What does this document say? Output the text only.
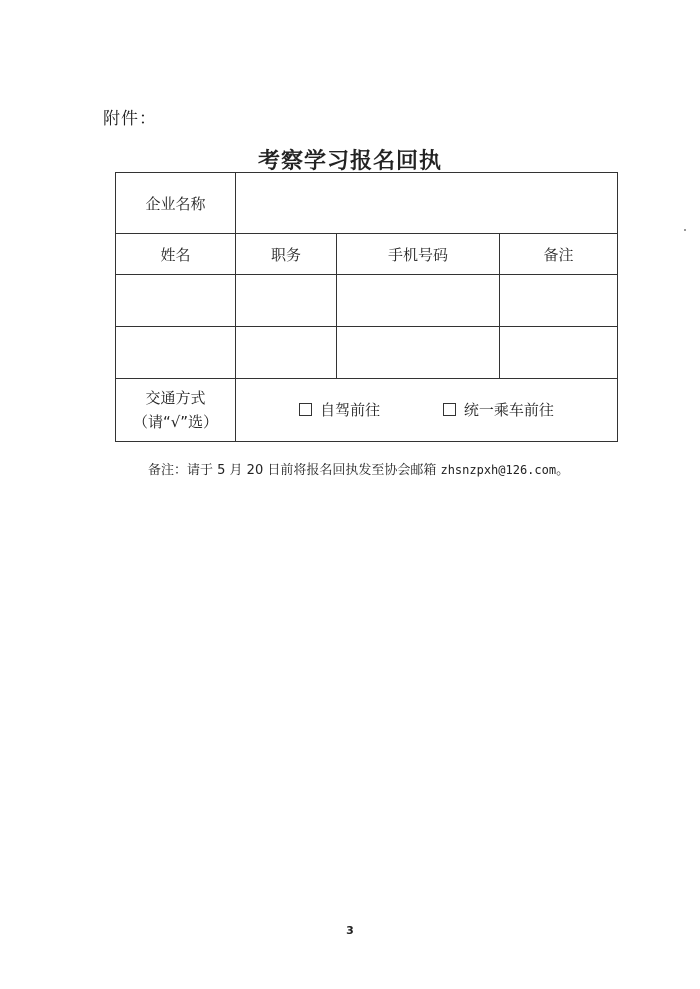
附件：
考察学习报名回执
企业名称			
姓名	职务	手机号码	备注

交通方式
（请“√”选）	自驾前往 统一乘车前往		
备注：请于 5 月 20 日前将报名回执发至协会邮箱 zhsnzpxh@126.com。
3
